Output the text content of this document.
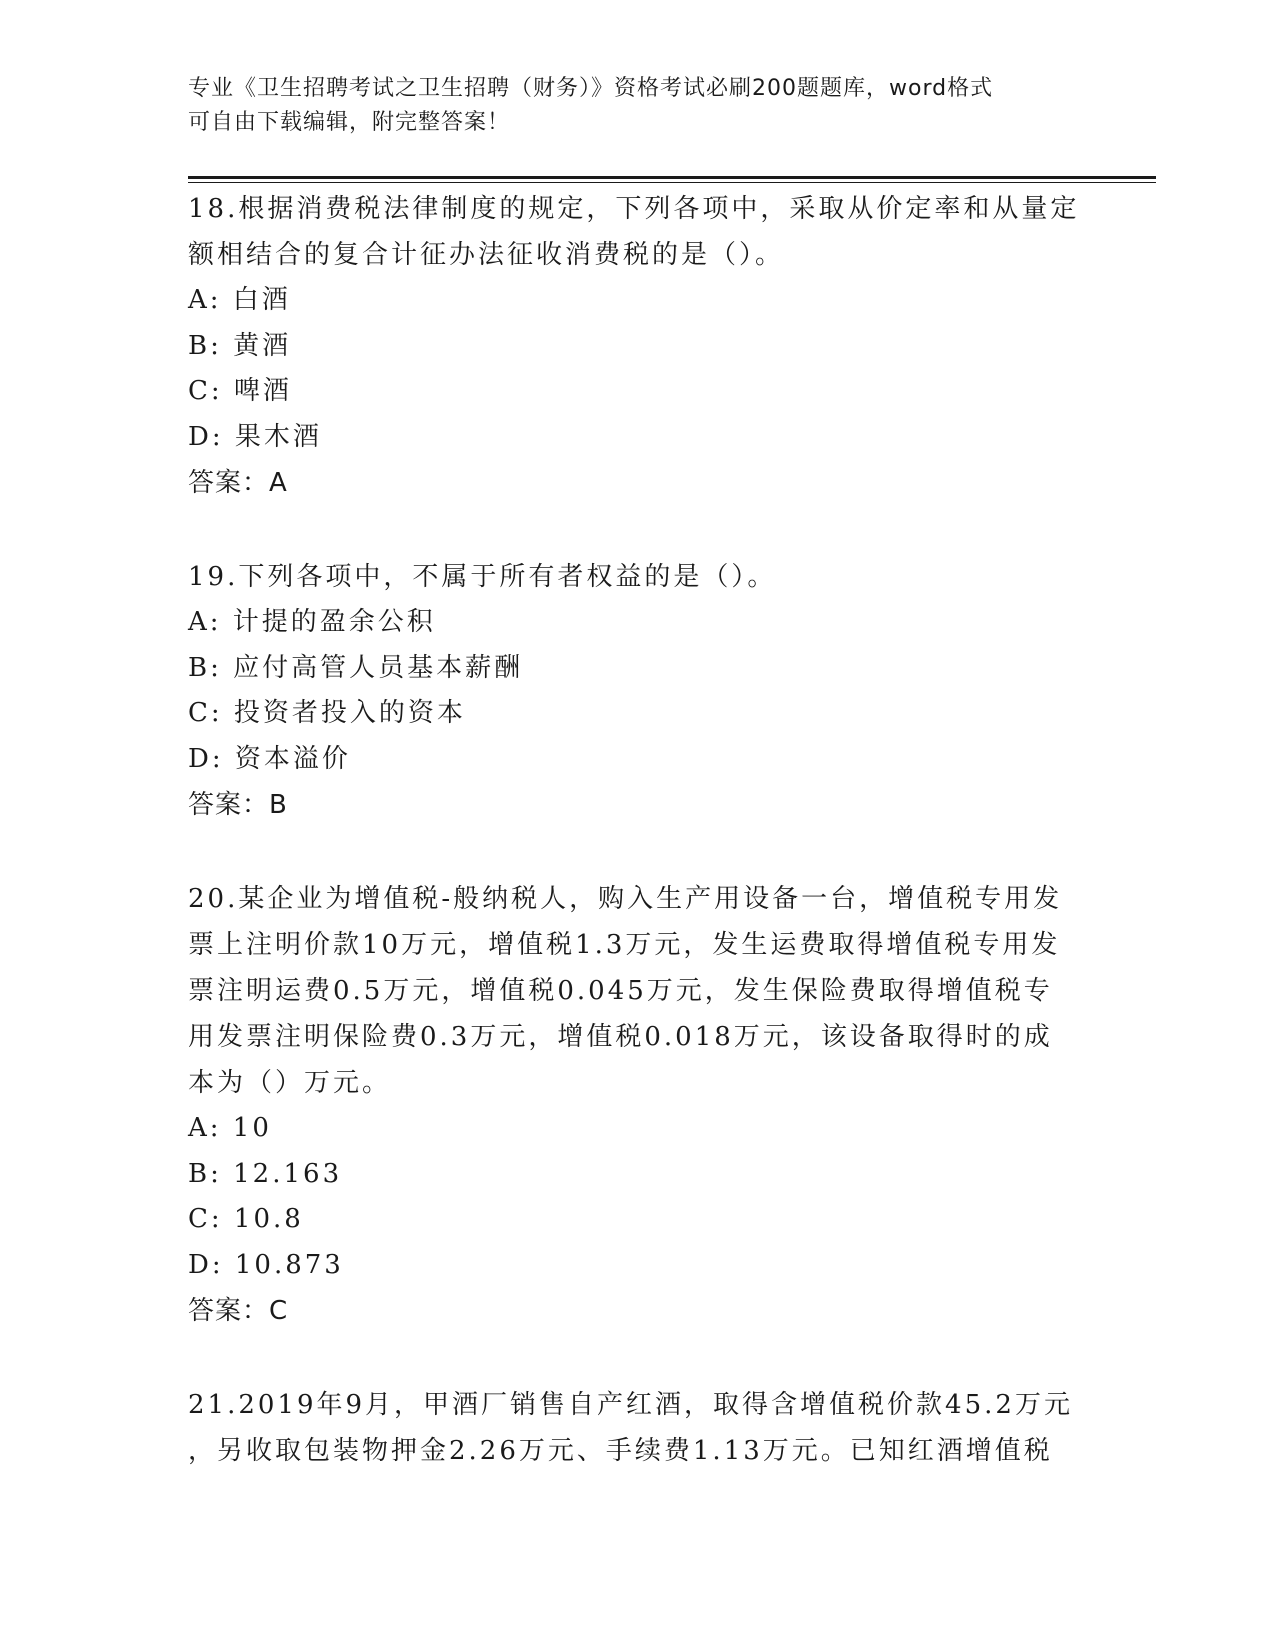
专业《卫生招聘考试之卫生招聘（财务）》资格考试必刷200题题库，word格式
可自由下载编辑，附完整答案！
18.根据消费税法律制度的规定，下列各项中，采取从价定率和从量定
额相结合的复合计征办法征收消费税的是（）。
A: 白酒
B: 黄酒
C: 啤酒
D: 果木酒
答案：A
19.下列各项中，不属于所有者权益的是（）。
A: 计提的盈余公积
B: 应付高管人员基本薪酬
C: 投资者投入的资本
D: 资本溢价
答案：B
20.某企业为增值税-般纳税人，购入生产用设备一台，增值税专用发
票上注明价款10万元，增值税1.3万元，发生运费取得增值税专用发
票注明运费0.5万元，增值税0.045万元，发生保险费取得增值税专
用发票注明保险费0.3万元，增值税0.018万元，该设备取得时的成
本为（）万元。
A: 10
B: 12.163
C: 10.8
D: 10.873
答案：C
21.2019年9月，甲酒厂销售自产红酒，取得含增值税价款45.2万元
，另收取包装物押金2.26万元、手续费1.13万元。已知红酒增值税
